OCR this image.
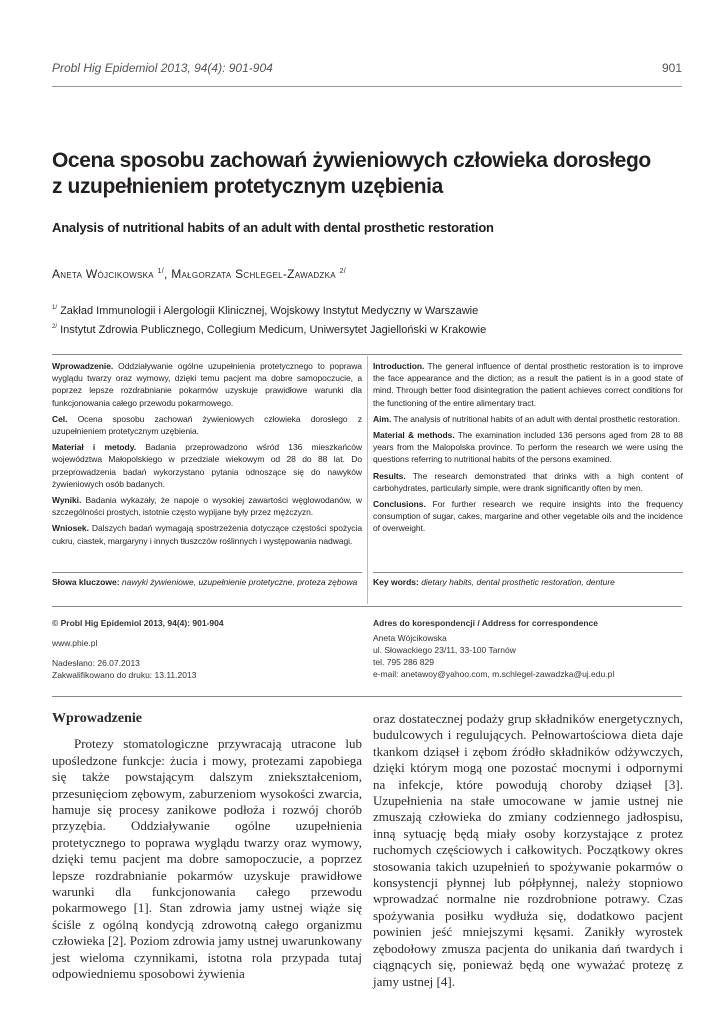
Probl Hig Epidemiol 2013, 94(4): 901-904	901
Ocena sposobu zachowań żywieniowych człowieka dorosłego
z uzupełnieniem protetycznym uzębienia
Analysis of nutritional habits of an adult with dental prosthetic restoration
Aneta Wójcikowska $^{1/}$, Małgorzata Schlegel-Zawadzka $^{2/}$
$^{1/}$ Zakład Immunologii i Alergologii Klinicznej, Wojskowy Instytut Medyczny w Warszawie
$^{2/}$ Instytut Zdrowia Publicznego, Collegium Medicum, Uniwersytet Jagielloński w Krakowie

Wprowadzenie. Oddziaływanie ogólne uzupełnienia protetycznego to poprawa wyglądu twarzy oraz wymowy, dzięki temu pacjent ma dobre samopoczucie, a poprzez lepsze rozdrabnianie pokarmów uzyskuje prawidłowe warunki dla funkcjonowania całego przewodu pokarmowego.

Cel. Ocena sposobu zachowań żywieniowych człowieka dorosłego z uzupełnieniem protetycznym uzębienia.

Materiał i metody. Badania przeprowadzono wśród 136 mieszkańców województwa Małopolskiego w przedziale wiekowym od 28 do 88 lat. Do przeprowadzenia badań wykorzystano pytania odnoszące się do nawyków żywieniowych osób badanych.

Wyniki. Badania wykazały, że napoje o wysokiej zawartości węglowodanów, w szczególności prostych, istotnie często wypijane były przez mężczyzn.

Wniosek. Dalszych badań wymagają spostrzeżenia dotyczące częstości spożycia cukru, ciastek, margaryny i innych tłuszczów roślinnych i występowania nadwagi.

Introduction. The general influence of dental prosthetic restoration is to improve the face appearance and the diction; as a result the patient is in a good state of mind. Through better food disintegration the patient achieves correct conditions for the functioning of the entire alimentary tract.

Aim. The analysis of nutritional habits of an adult with dental prosthetic restoration.

Material & methods. The examination included 136 persons aged from 28 to 88 years from the Malopolska province. To perform the research we were using the questions referring to nutritional habits of the persons examined.

Results. The research demonstrated that drinks with a high content of carbohydrates, particularly simple, were drank significantly often by men.

Conclusions. For further research we require insights into the frequency consumption of sugar, cakes, margarine and other vegetable oils and the incidence of overweight.

Słowa kluczowe: nawyki żywieniowe, uzupełnienie protetyczne, proteza zębowa	Key words: dietary habits, dental prosthetic restoration, denture
© Probl Hig Epidemiol 2013, 94(4): 901-904
www.phie.pl
Nadesłano: 26.07.2013
Zakwalifikowano do druku: 13.11.2013
Adres do korespondencji / Address for correspondence
Aneta Wójcikowska
ul. Słowackiego 23/11, 33-100 Tarnów
tel. 795 286 829
e-mail: anetawoy@yahoo.com, m.schlegel-zawadzka@uj.edu.pl
Wprowadzenie

Protezy stomatologiczne przywracają utracone lub upośledzone funkcje: żucia i mowy, protezami zapobiega się także powstającym dalszym zniekształceniom, przesunięciom zębowym, zaburzeniom wysokości zwarcia, hamuje się procesy zanikowe podłoża i rozwój chorób przyzębia. Oddziaływanie ogólne uzupełnienia protetycznego to poprawa wyglądu twarzy oraz wymowy, dzięki temu pacjent ma dobre samopoczucie, a poprzez lepsze rozdrabnianie pokarmów uzyskuje prawidłowe warunki dla funkcjonowania całego przewodu pokarmowego [1]. Stan zdrowia jamy ustnej wiąże się ściśle z ogólną kondycją zdrowotną całego organizmu człowieka [2]. Poziom zdrowia jamy ustnej uwarunkowany jest wieloma czynnikami, istotna rola przypada tutaj odpowiedniemu sposobowi żywienia

oraz dostatecznej podaży grup składników energetycznych, budulcowych i regulujących. Pełnowartościowa dieta daje tkankom dziąseł i zębom źródło składników odżywczych, dzięki którym mogą one pozostać mocnymi i odpornymi na infekcje, które powodują choroby dziąseł [3]. Uzupełnienia na stałe umocowane w jamie ustnej nie zmuszają człowieka do zmiany codziennego jadłospisu, inną sytuację będą miały osoby korzystające z protez ruchomych częściowych i całkowitych. Początkowy okres stosowania takich uzupełnień to spożywanie pokarmów o konsystencji płynnej lub półpłynnej, należy stopniowo wprowadzać normalne nie rozdrobnione potrawy. Czas spożywania posiłku wydłuża się, dodatkowo pacjent powinien jeść mniejszymi kęsami. Zanikły wyrostek zębodołowy zmusza pacjenta do unikania dań twardych i ciągnących się, ponieważ będą one wyważać protezę z jamy ustnej [4].
